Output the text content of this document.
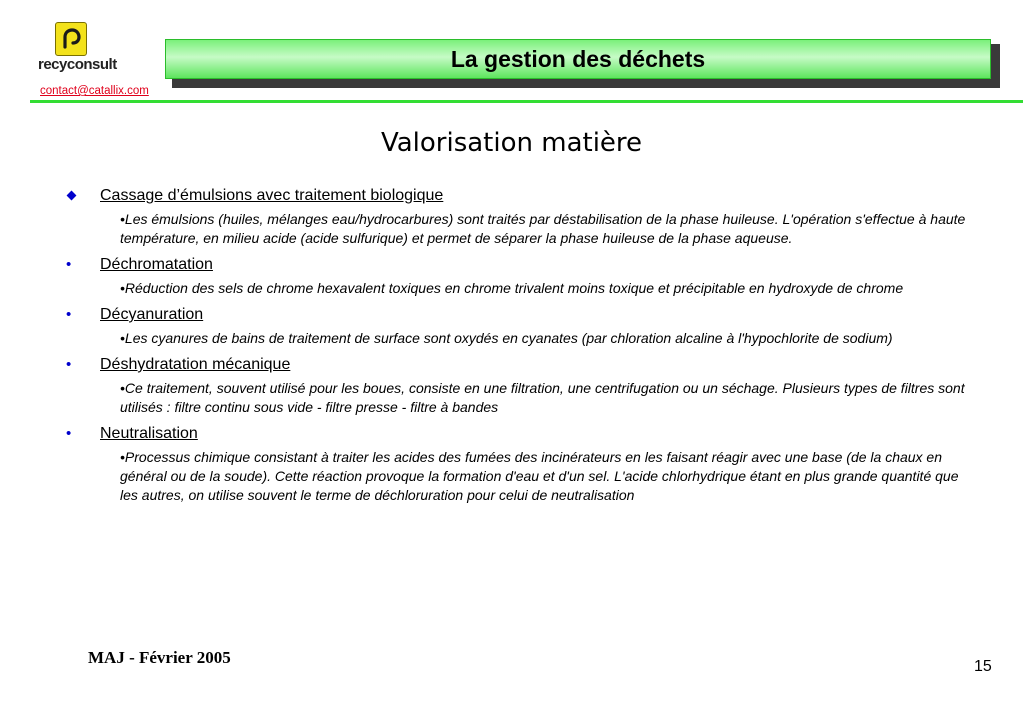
recyconsult
contact@catallix.com
La gestion des déchets
Valorisation matière
Cassage d’émulsions avec traitement biologique
•Les émulsions (huiles, mélanges eau/hydrocarbures) sont traités par déstabilisation de la phase huileuse. L'opération s'effectue à haute température, en milieu acide (acide sulfurique) et permet de séparer la phase huileuse de la phase aqueuse.
• Déchromatation
•Réduction des sels de chrome hexavalent toxiques en chrome trivalent moins toxique et précipitable en hydroxyde de chrome
• Décyanuration
•Les cyanures de bains de traitement de surface sont oxydés en cyanates (par chloration alcaline à l'hypochlorite de sodium)
• Déshydratation mécanique
•Ce traitement, souvent utilisé pour les boues, consiste en une filtration, une centrifugation ou un séchage. Plusieurs types de filtres sont utilisés : filtre continu sous vide - filtre presse - filtre à bandes
• Neutralisation
•Processus chimique consistant à traiter les acides des fumées des incinérateurs en les faisant réagir avec une base (de la chaux en général ou de la soude). Cette réaction provoque la formation d'eau et d'un sel. L'acide chlorhydrique étant en plus grande quantité que les autres, on utilise souvent le terme de déchloruration pour celui de neutralisation
MAJ - Février 2005	15
